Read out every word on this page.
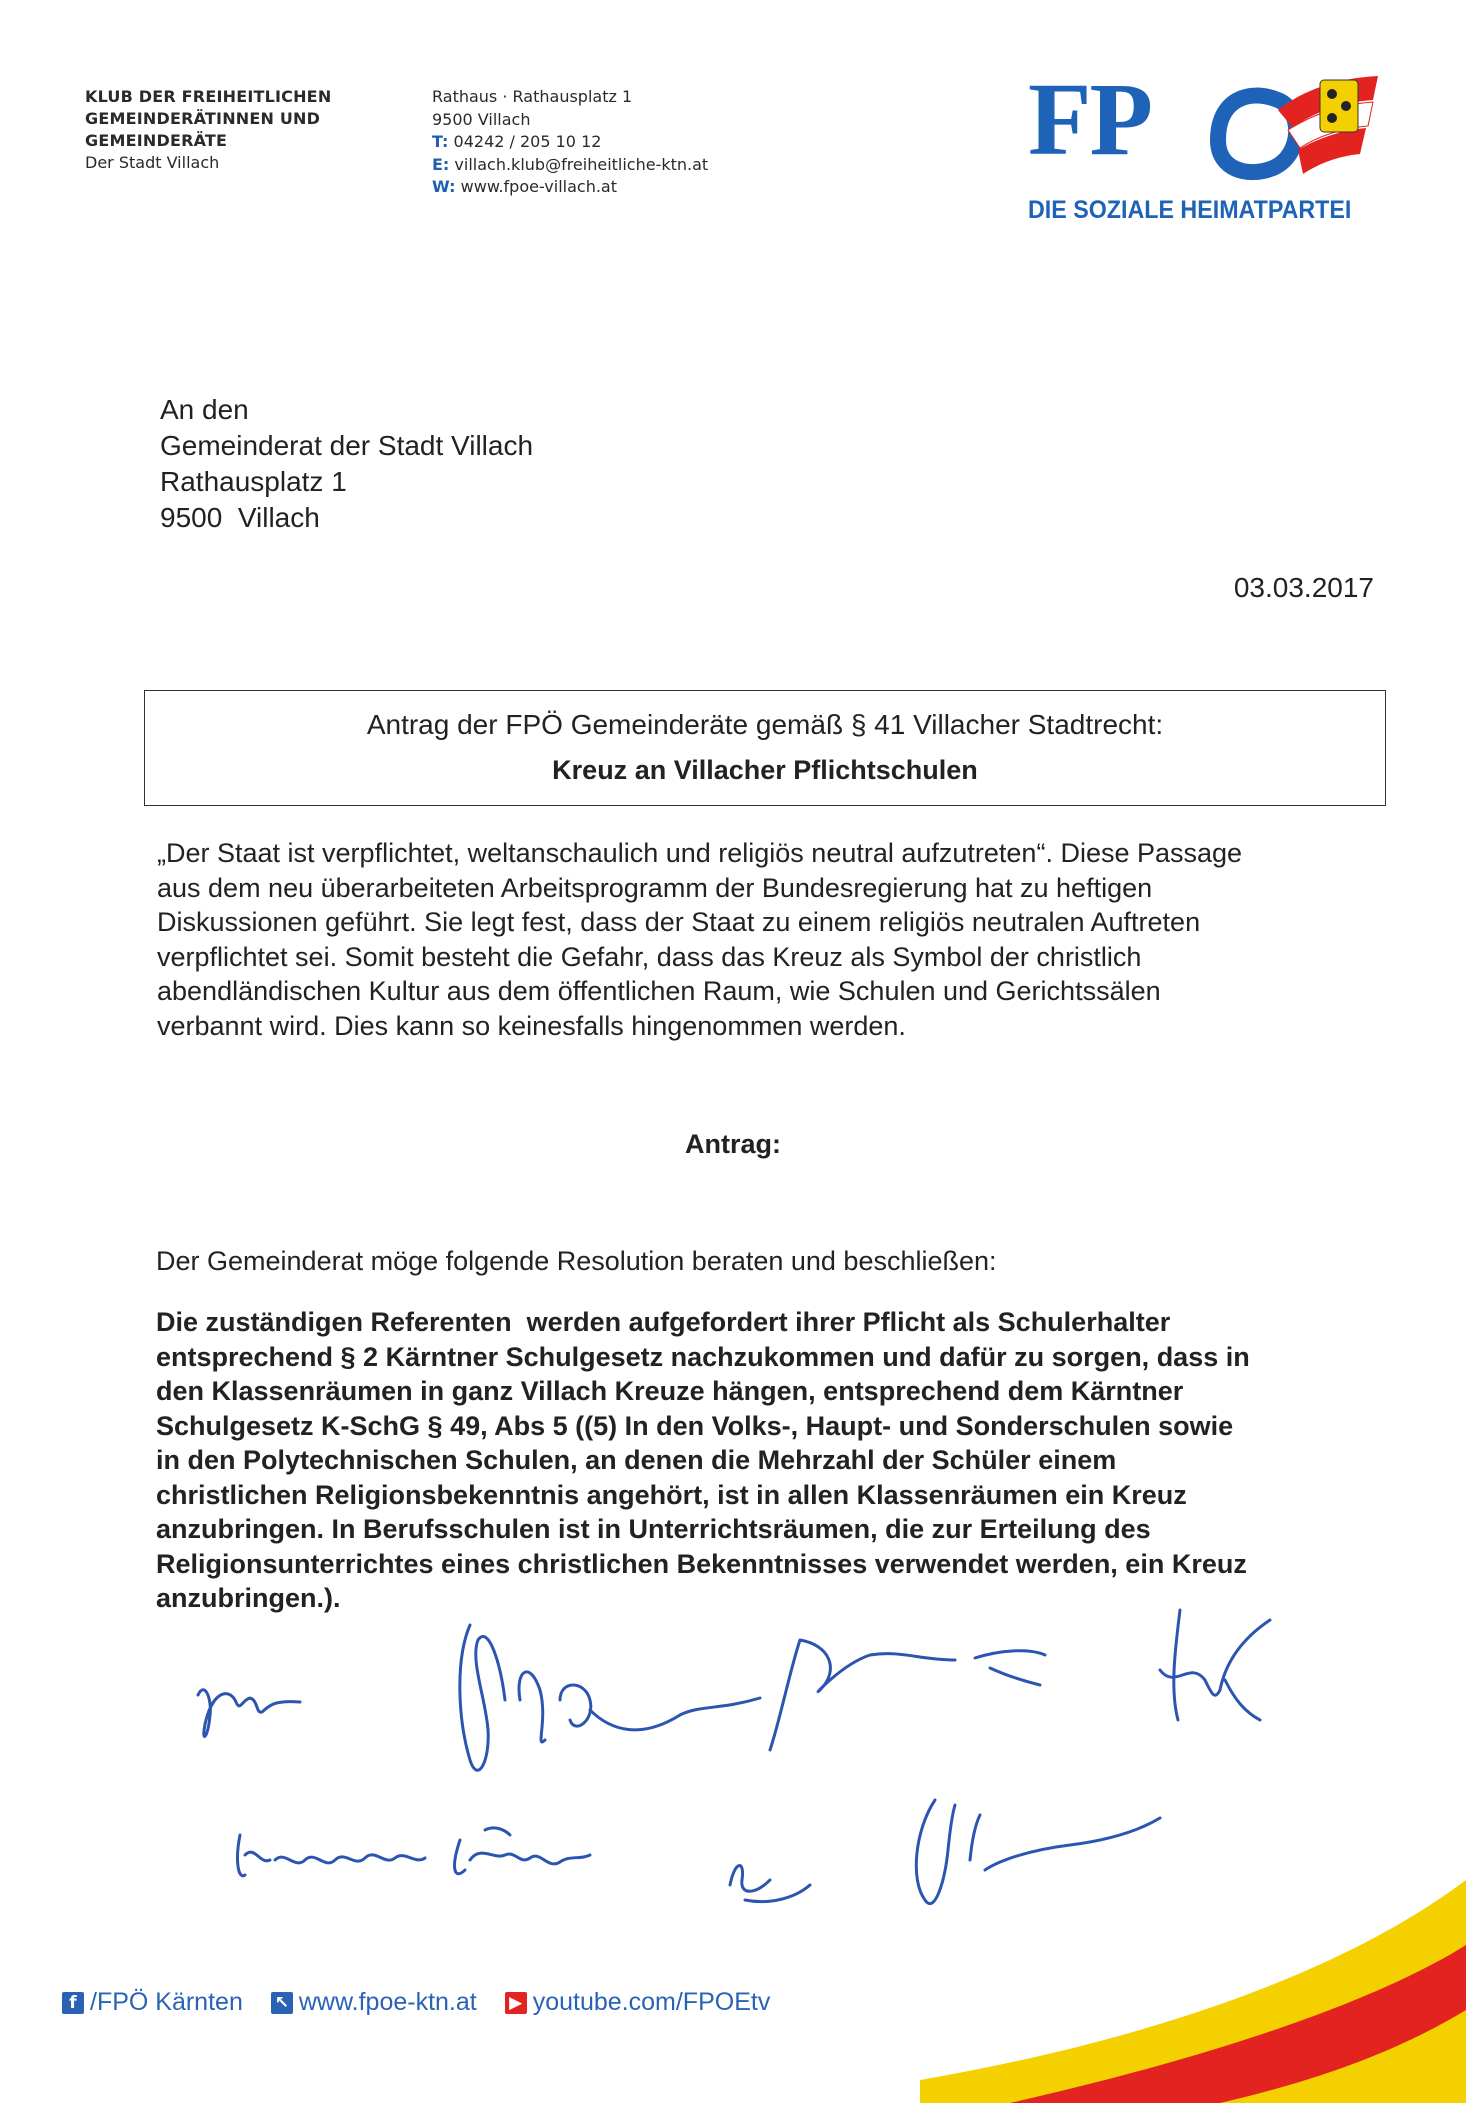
KLUB DER FREIHEITLICHEN
GEMEINDERÄTINNEN UND
GEMEINDERÄTE
Der Stadt Villach
Rathaus · Rathausplatz 1
9500 Villach
T: 04242 / 205 10 12
E: villach.klub@freiheitliche-ktn.at
W: www.fpoe-villach.at
FP
DIE SOZIALE HEIMATPARTEI
An den
Gemeinderat der Stadt Villach
Rathausplatz 1
9500  Villach
03.03.2017
Antrag der FPÖ Gemeinderäte gemäß § 41 Villacher Stadtrecht:
Kreuz an Villacher Pflichtschulen
„Der Staat ist verpflichtet, weltanschaulich und religiös neutral aufzutreten“. Diese Passage
aus dem neu überarbeiteten Arbeitsprogramm der Bundesregierung hat zu heftigen
Diskussionen geführt. Sie legt fest, dass der Staat zu einem religiös neutralen Auftreten
verpflichtet sei. Somit besteht die Gefahr, dass das Kreuz als Symbol der christlich
abendländischen Kultur aus dem öffentlichen Raum, wie Schulen und Gerichtssälen
verbannt wird. Dies kann so keinesfalls hingenommen werden.
Antrag:
Der Gemeinderat möge folgende Resolution beraten und beschließen:
Die zuständigen Referenten  werden aufgefordert ihrer Pflicht als Schulerhalter
entsprechend § 2 Kärntner Schulgesetz nachzukommen und dafür zu sorgen, dass in
den Klassenräumen in ganz Villach Kreuze hängen, entsprechend dem Kärntner
Schulgesetz K-SchG § 49, Abs 5 ((5) In den Volks-, Haupt- und Sonderschulen sowie
in den Polytechnischen Schulen, an denen die Mehrzahl der Schüler einem
christlichen Religionsbekenntnis angehört, ist in allen Klassenräumen ein Kreuz
anzubringen. In Berufsschulen ist in Unterrichtsräumen, die zur Erteilung des
Religionsunterrichtes eines christlichen Bekenntnisses verwendet werden, ein Kreuz
anzubringen.).
f /FPÖ Kärnten ↖ www.fpoe-ktn.at ▶ youtube.com/FPOEtv
